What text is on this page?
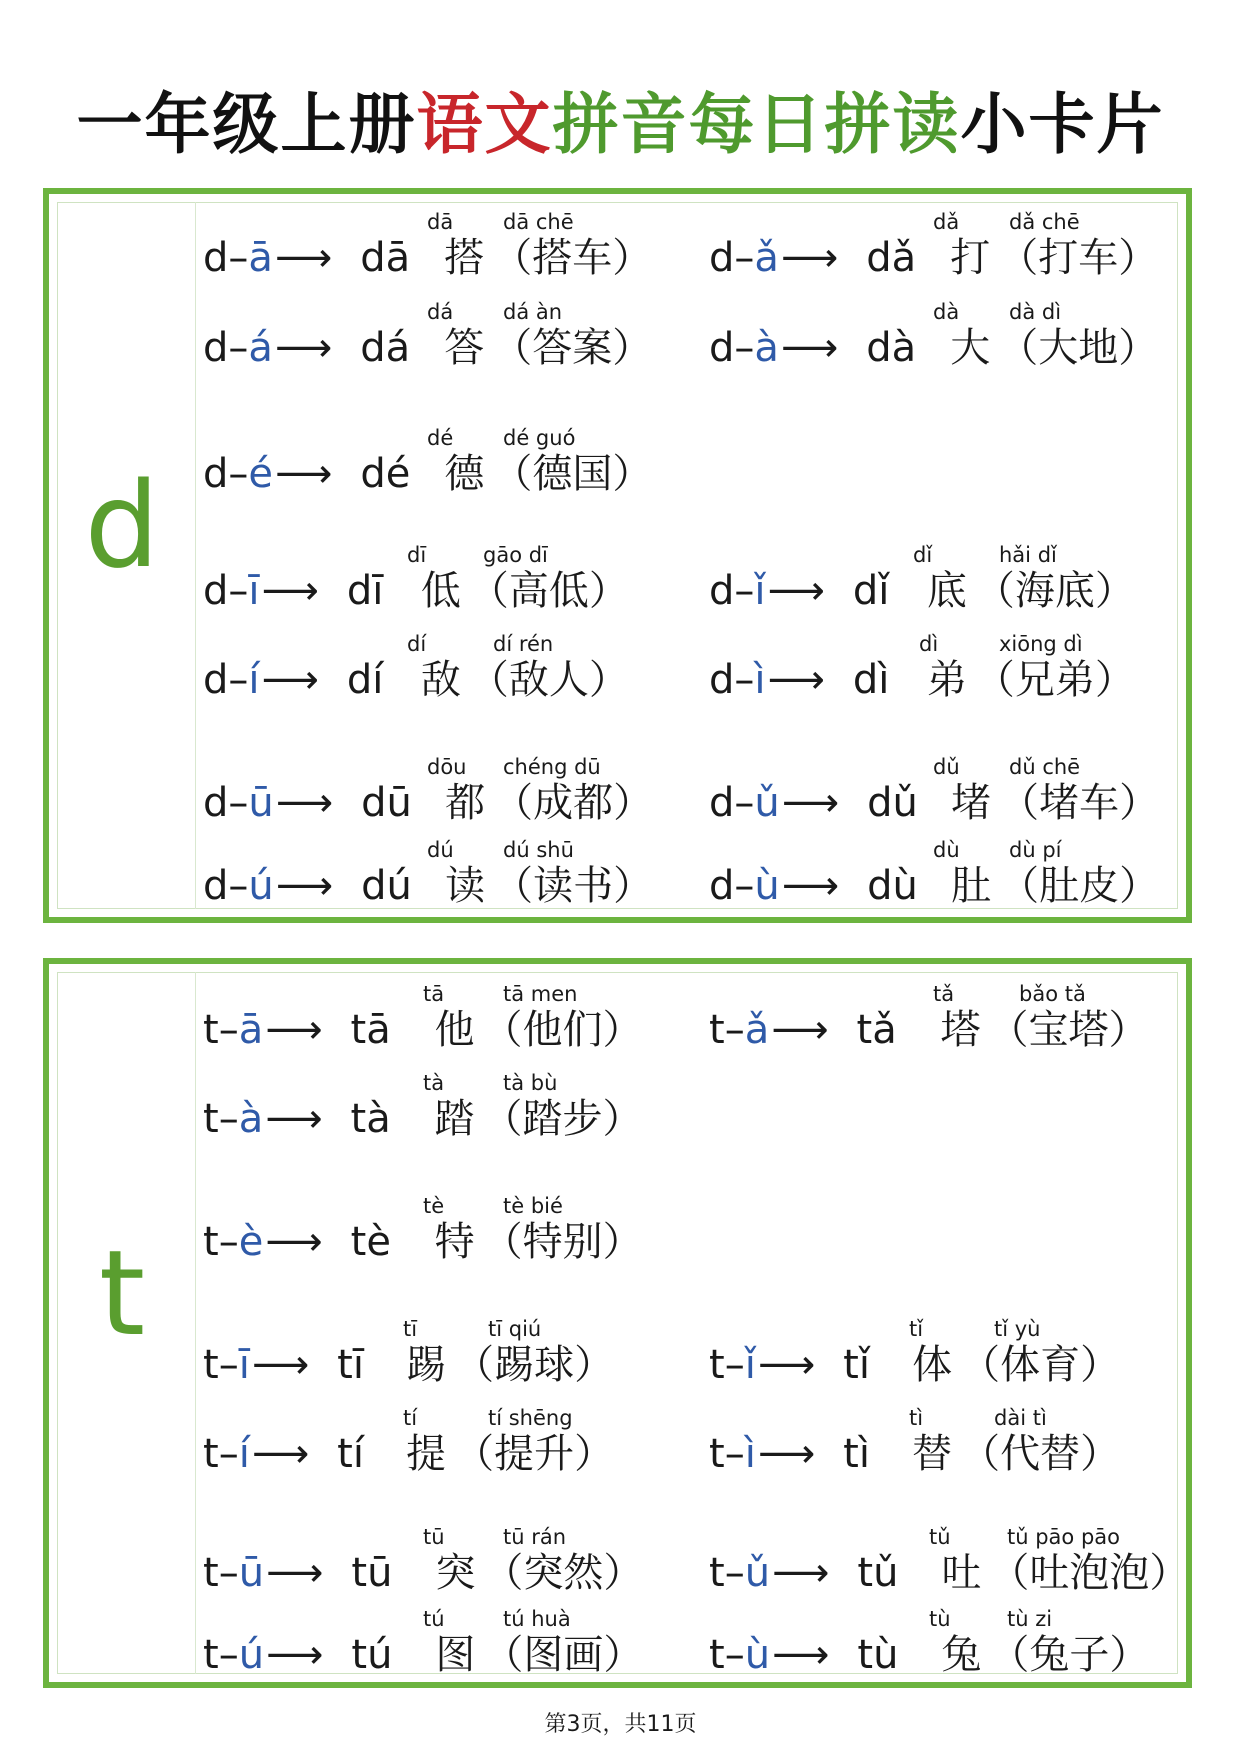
一年级上册语文拼音每日拼读小卡片
d
dā dā chē
d–ā⟶ dā 搭 （搭车）
dǎ dǎ chē
d–ǎ⟶ dǎ 打 （打车）
dá dá àn
d–á⟶ dá 答 （答案）
dà dà dì
d–à⟶ dà 大 （大地）
dé dé guó
d–é⟶ dé 德 （德国）
dī	gāo dī
d–ī⟶ dī 低 （高低）
dǐ	hǎi dǐ
d–ǐ⟶ dǐ 底 （海底）
dí	dí rén
d–í⟶ dí 敌 （敌人）
dì	xiōng dì
d–ì⟶ dì 弟 （兄弟）
dōu chéng dū
d–ū⟶ dū 都 （成都）
dǔ dǔ chē
d–ǔ⟶ dǔ 堵 （堵车）
dú dú shū
d–ú⟶ dú 读 （读书）
dù dù pí
d–ù⟶ dù 肚 （肚皮）
t
tā	tā men
t–ā⟶ tā 他 （他们）
tǎ	bǎo tǎ
t–ǎ⟶ tǎ 塔 （宝塔）
tà	tà bù
t–à⟶ tà 踏 （踏步）
tè	tè bié
t–è⟶ tè 特 （特别）
tī	tī qiú
t–ī⟶ tī 踢 （踢球）
tǐ	tǐ yù
t–ǐ⟶ tǐ 体 （体育）
tí	tí shēng
t–í⟶ tí 提 （提升）
tì	dài tì
t–ì⟶ tì 替 （代替）
tū	tū rán
t–ū⟶ tū 突 （突然）
tǔ	tǔ pāo pāo
t–ǔ⟶ tǔ 吐 （吐泡泡）
tú	tú huà
t–ú⟶ tú 图 （图画）
tù	tù zi
t–ù⟶ tù 兔 （兔子）
第3页，共11页
